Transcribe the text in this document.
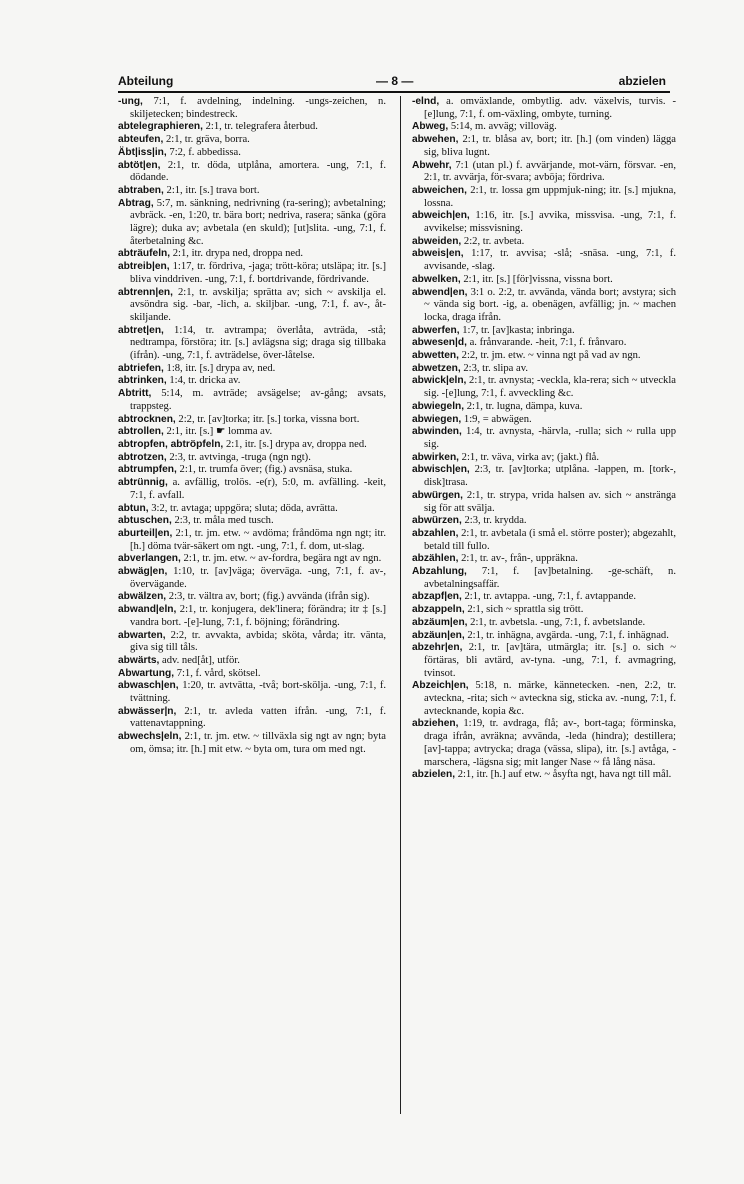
Abteilung	— 8 —	abzielen

-ung, 7:1, f. avdelning, indelning. -ungs-zeichen, n. skiljetecken; bindestreck.

abtelegraphieren, 2:1, tr. telegrafera återbud.

abteufen, 2:1, tr. gräva, borra.

Äbt|iss|in, 7:2, f. abbedissa.

abtöt|en, 2:1, tr. döda, utplåna, amortera. -ung, 7:1, f. dödande.

abtraben, 2:1, itr. [s.] trava bort.

Abtrag, 5:7, m. sänkning, nedrivning (ra-sering); avbetalning; avbräck. -en, 1:20, tr. bära bort; nedriva, rasera; sänka (göra lägre); duka av; avbetala (en skuld); [ut]slita. -ung, 7:1, f. återbetalning &c.

abträufeln, 2:1, itr. drypa ned, droppa ned.

abtreib|en, 1:17, tr. fördriva, -jaga; trött-köra; utsläpa; itr. [s.] bliva vinddriven. -ung, 7:1, f. bortdrivande, fördrivande.

abtrenn|en, 2:1, tr. avskilja; sprätta av; sich ~ avskilja el. avsöndra sig. -bar, -lich, a. skiljbar. -ung, 7:1, f. av-, åt-skiljande.

abtret|en, 1:14, tr. avtrampa; överlåta, avträda, -stå; nedtrampa, förstöra; itr. [s.] avlägsna sig; draga sig tillbaka (ifrån). -ung, 7:1, f. avträdelse, över-låtelse.

abtriefen, 1:8, itr. [s.] drypa av, ned.

abtrinken, 1:4, tr. dricka av.

Abtritt, 5:14, m. avträde; avsägelse; av-gång; avsats, trappsteg.

abtrocknen, 2:2, tr. [av]torka; itr. [s.] torka, vissna bort.

abtrollen, 2:1, itr. [s.] ☛ lomma av.

abtropfen, abtröpfeln, 2:1, itr. [s.] drypa av, droppa ned.

abtrotzen, 2:3, tr. avtvinga, -truga (ngn ngt).

abtrumpfen, 2:1, tr. trumfa över; (fig.) avsnäsa, stuka.

abtrünnig, a. avfällig, trolös. -e(r), 5:0, m. avfälling. -keit, 7:1, f. avfall.

abtun, 3:2, tr. avtaga; uppgöra; sluta; döda, avrätta.

abtuschen, 2:3, tr. måla med tusch.

aburteil|en, 2:1, tr. jm. etw. ~ avdöma; fråndöma ngn ngt; itr. [h.] döma tvär-säkert om ngt. -ung, 7:1, f. dom, ut-slag.

abverlangen, 2:1, tr. jm. etw. ~ av-fordra, begära ngt av ngn.

abwäg|en, 1:10, tr. [av]väga; överväga. -ung, 7:1, f. av-, övervägande.

abwälzen, 2:3, tr. vältra av, bort; (fig.) avvända (ifrån sig).

abwand|eln, 2:1, tr. konjugera, dek'linera; förändra; itr ‡ [s.] vandra bort. -[e]-lung, 7:1, f. böjning; förändring.

abwarten, 2:2, tr. avvakta, avbida; sköta, vårda; itr. vänta, giva sig till tåls.

abwärts, adv. ned[åt], utför.

Abwartung, 7:1, f. vård, skötsel.

abwasch|en, 1:20, tr. avtvätta, -två; bort-skölja. -ung, 7:1, f. tvättning.

abwässer|n, 2:1, tr. avleda vatten ifrån. -ung, 7:1, f. vattenavtappning.

abwechs|eln, 2:1, tr. jm. etw. ~ tillväxla sig ngt av ngn; byta om, ömsa; itr. [h.] mit etw. ~ byta om, tura om med ngt.

-elnd, a. omväxlande, ombytlig. adv. växelvis, turvis. -[e]lung, 7:1, f. om-växling, ombyte, turning.

Abweg, 5:14, m. avväg; villoväg.

abwehen, 2:1, tr. blåsa av, bort; itr. [h.] (om vinden) lägga sig, bliva lugnt.

Abwehr, 7:1 (utan pl.) f. avvärjande, mot-värn, försvar. -en, 2:1, tr. avvärja, för-svara; avböja; fördriva.

abweichen, 2:1, tr. lossa gm uppmjuk-ning; itr. [s.] mjukna, lossna.

abweich|en, 1:16, itr. [s.] avvika, missvisa. -ung, 7:1, f. avvikelse; missvisning.

abweiden, 2:2, tr. avbeta.

abweis|en, 1:17, tr. avvisa; -slå; -snäsa. -ung, 7:1, f. avvisande, -slag.

abwelken, 2:1, itr. [s.] [för]vissna, vissna bort.

abwend|en, 3:1 o. 2:2, tr. avvända, vända bort; avstyra; sich ~ vända sig bort. -ig, a. obenägen, avfällig; jn. ~ machen locka, draga ifrån.

abwerfen, 1:7, tr. [av]kasta; inbringa.

abwesen|d, a. frånvarande. -heit, 7:1, f. frånvaro.

abwetten, 2:2, tr. jm. etw. ~ vinna ngt på vad av ngn.

abwetzen, 2:3, tr. slipa av.

abwick|eln, 2:1, tr. avnysta; -veckla, kla-rera; sich ~ utveckla sig. -[e]lung, 7:1, f. avveckling &c.

abwiegeln, 2:1, tr. lugna, dämpa, kuva.

abwiegen, 1:9, = abwägen.

abwinden, 1:4, tr. avnysta, -härvla, -rulla; sich ~ rulla upp sig.

abwirken, 2:1, tr. väva, virka av; (jakt.) flå.

abwisch|en, 2:3, tr. [av]torka; utplåna. -lappen, m. [tork-, disk]trasa.

abwürgen, 2:1, tr. strypa, vrida halsen av. sich ~ anstränga sig för att svälja.

abwürzen, 2:3, tr. krydda.

abzahlen, 2:1, tr. avbetala (i små el. större poster); abgezahlt, betald till fullo.

abzählen, 2:1, tr. av-, från-, uppräkna.

Abzahlung, 7:1, f. [av]betalning. -ge-schäft, n. avbetalningsaffär.

abzapf|en, 2:1, tr. avtappa. -ung, 7:1, f. avtappande.

abzappeln, 2:1, sich ~ sprattla sig trött.

abzäum|en, 2:1, tr. avbetsla. -ung, 7:1, f. avbetslande.

abzäun|en, 2:1, tr. inhägna, avgärda. -ung, 7:1, f. inhägnad.

abzehr|en, 2:1, tr. [av]tära, utmärgla; itr. [s.] o. sich ~ förtäras, bli avtärd, av-tyna. -ung, 7:1, f. avmagring, tvinsot.

Abzeich|en, 5:18, n. märke, kännetecken. -nen, 2:2, tr. avteckna, -rita; sich ~ avteckna sig, sticka av. -nung, 7:1, f. avtecknande, kopia &c.

abziehen, 1:19, tr. avdraga, flå; av-, bort-taga; förminska, draga ifrån, avräkna; avvända, -leda (hindra); destillera; [av]-tappa; avtrycka; draga (vässa, slipa), itr. [s.] avtåga, -marschera, -lägsna sig; mit langer Nase ~ få lång näsa.

abzielen, 2:1, itr. [h.] auf etw. ~ åsyfta ngt, hava ngt till mål.
